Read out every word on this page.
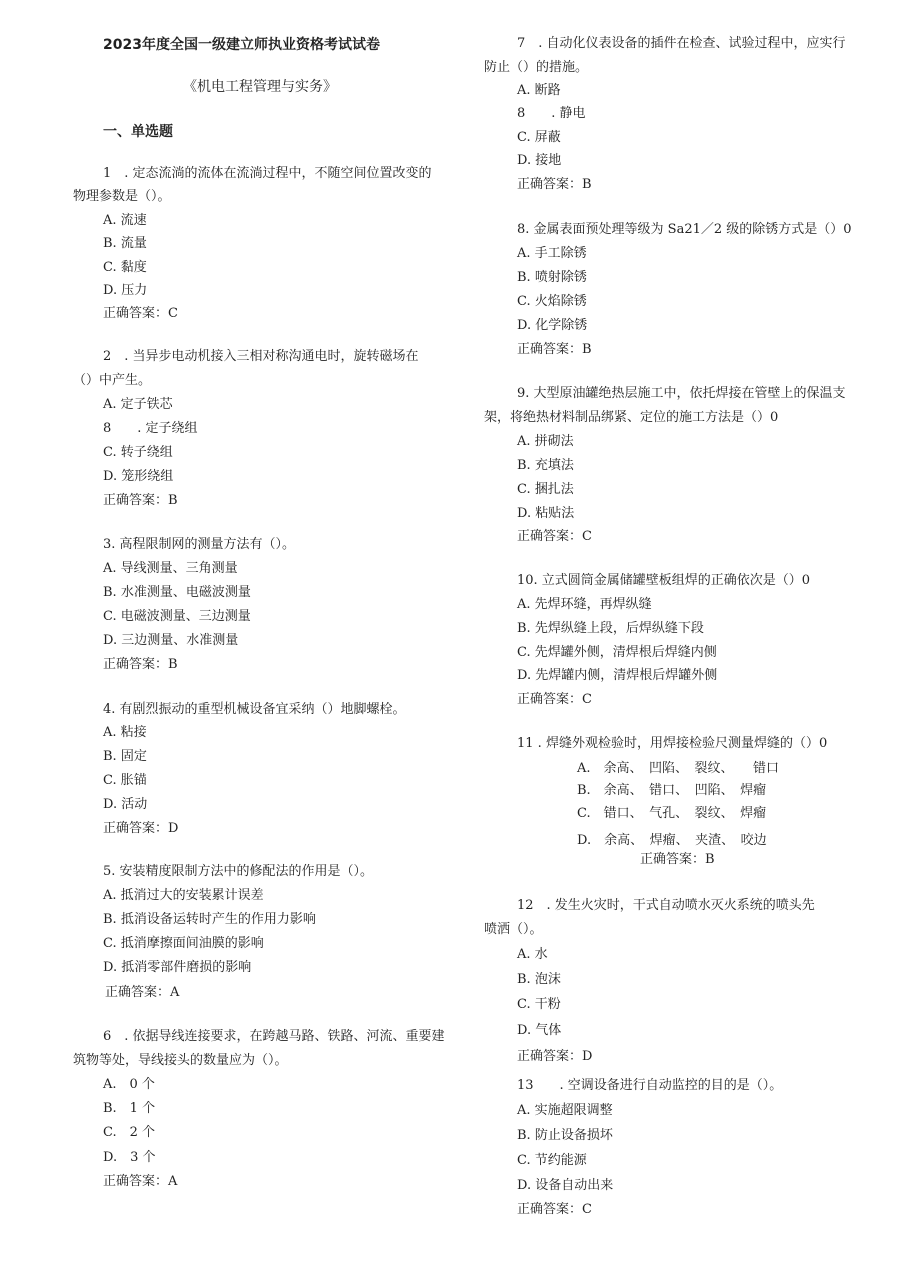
2023年度全国一级建立师执业资格考试试卷
《机电工程管理与实务》
一、单选题
1　. 定态流淌的流体在流淌过程中，不随空间位置改变的
物理参数是（）。
A. 流速
B. 流量
C. 黏度
D. 压力
正确答案：C
2　. 当异步电动机接入三相对称沟通电时，旋转磁场在
（）中产生。
A. 定子铁芯
8　　. 定子绕组
C. 转子绕组
D. 笼形绕组
正确答案：B
3. 高程限制网的测量方法有（）。
A. 导线测量、三角测量
B. 水准测量、电磁波测量
C. 电磁波测量、三边测量
D. 三边测量、水准测量
正确答案：B
4. 有剧烈振动的重型机械设备宜采纳（）地脚螺栓。
A. 粘接
B. 固定
C. 胀锚
D. 活动
正确答案：D
5. 安装精度限制方法中的修配法的作用是（）。
A. 抵消过大的安装累计误差
B. 抵消设备运转时产生的作用力影响
C. 抵消摩擦面间油膜的影响
D. 抵消零部件磨损的影响
正确答案：A
6　. 依据导线连接要求，在跨越马路、铁路、河流、重要建
筑物等处，导线接头的数量应为（）。
A.　0 个
B.　1 个
C.　2 个
D.　3 个
正确答案：A
7　. 自动化仪表设备的插件在检查、试验过程中，应实行
防止（）的措施。
A. 断路
8　　. 静电
C. 屏蔽
D. 接地
正确答案：B
8. 金属表面预处理等级为 Sa21／2 级的除锈方式是（）0
A. 手工除锈
B. 喷射除锈
C. 火焰除锈
D. 化学除锈
正确答案：B
9. 大型原油罐绝热层施工中，依托焊接在管壁上的保温支
架，将绝热材料制品绑紧、定位的施工方法是（）0
A. 拼砌法
B. 充填法
C. 捆扎法
D. 粘贴法
正确答案：C
10. 立式圆筒金属储罐壁板组焊的正确依次是（）0
A. 先焊环缝，再焊纵缝
B. 先焊纵缝上段，后焊纵缝下段
C. 先焊罐外侧，清焊根后焊缝内侧
D. 先焊罐内侧，清焊根后焊罐外侧
正确答案：C
11 . 焊缝外观检验时，用焊接检验尺测量焊缝的（）0
A.　余高、　凹陷、　裂纹、　　错口
B.　余高、　错口、　凹陷、　焊瘤
C.　错口、　气孔、　裂纹、　焊瘤
D.　余高、　焊瘤、　夹渣、　咬边
正确答案：B
12　. 发生火灾时，干式自动喷水灭火系统的喷头先
喷洒（）。
A. 水
B. 泡沫
C. 干粉
D. 气体
正确答案：D
13　　. 空调设备进行自动监控的目的是（）。
A. 实施超限调整
B. 防止设备损坏
C. 节约能源
D. 设备自动出来
正确答案：C
